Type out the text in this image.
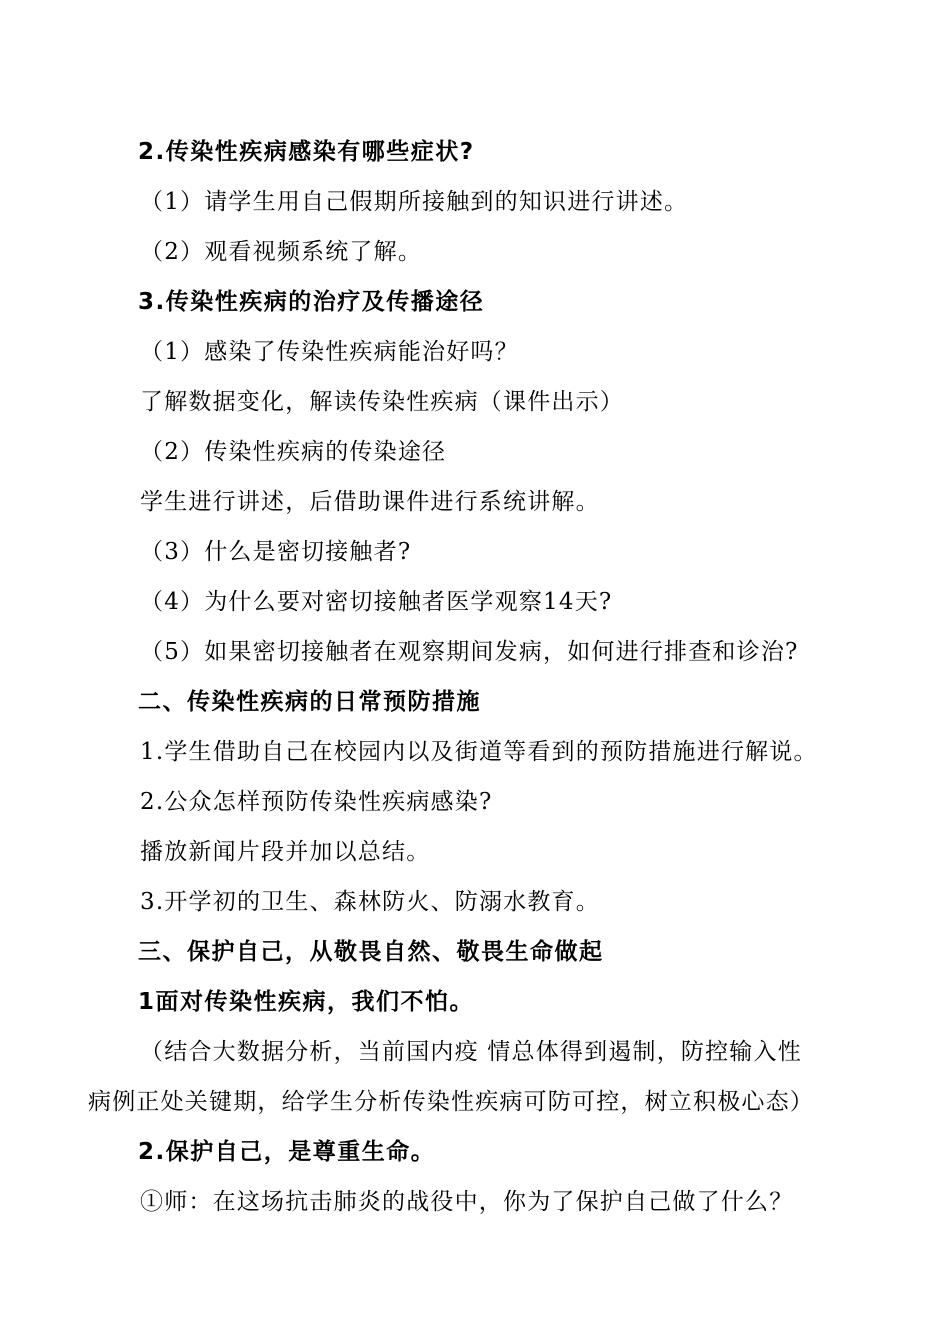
2.传染性疾病感染有哪些症状?
（1）请学生用自己假期所接触到的知识进行讲述。
（2）观看视频系统了解。
3.传染性疾病的治疗及传播途径
（1）感染了传染性疾病能治好吗？
了解数据变化，解读传染性疾病（课件出示）
（2）传染性疾病的传染途径
学生进行讲述，后借助课件进行系统讲解。
（3）什么是密切接触者?
（4）为什么要对密切接触者医学观察14天?
（5）如果密切接触者在观察期间发病，如何进行排查和诊治?
二、传染性疾病的日常预防措施
1.学生借助自己在校园内以及街道等看到的预防措施进行解说。
2.公众怎样预防传染性疾病感染?
播放新闻片段并加以总结。
3.开学初的卫生、森林防火、防溺水教育。
三、保护自己，从敬畏自然、敬畏生命做起
1面对传染性疾病，我们不怕。
（结合大数据分析，当前国内疫 情总体得到遏制，防控输入性
病例正处关键期，给学生分析传染性疾病可防可控，树立积极心态）
2.保护自己，是尊重生命。
①师：在这场抗击肺炎的战役中，你为了保护自己做了什么？
